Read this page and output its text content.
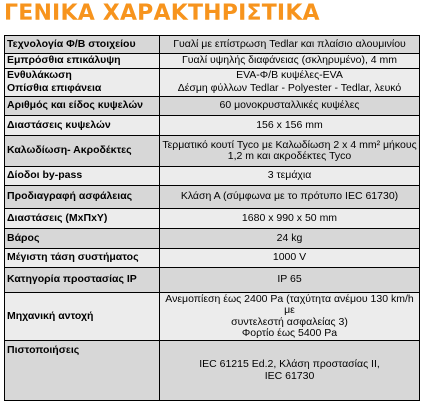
ΓΕΝΙΚΑ ΧΑΡΑΚΤΗΡΙΣΤΙΚΑ
Τεχνολογία Φ/Β στοιχείου	Γυαλί με επίστρωση Tedlar και πλαίσιο αλουμινίου
Εμπρόσθια επικάλυψη	Γυαλί υψηλής διαφάνειας (σκληρυμένο), 4 mm
Ενθυλάκωση	EVA-Φ/Β κυψέλες-EVA
Οπίσθια επιφάνεια	Δέσμη φύλλων Tedlar - Polyester - Tedlar, λευκό
Αριθμός και είδος κυψελών	60 μονοκρυσταλλικές κυψέλες
Διαστάσεις κυψελών	156 x 156 mm
Καλωδίωση- Ακροδέκτες	Τερματικό κουτί Tyco με Καλωδίωση 2 x 4 mm² μήκους
1,2 m και ακροδέκτες Tyco

Δίοδοι by-pass	3 τεμάχια
Προδιαγραφή ασφάλειας	Κλάση Α (σύμφωνα με το πρότυπο IEC 61730)
Διαστάσεις (ΜxΠxΥ)	1680 x 990 x 50 mm
Βάρος	24 kg
Μέγιστη τάση συστήματος	1000 V
Κατηγορία προστασίας IP	IP 65
Μηχανική αντοχή	Ανεμοπίεση έως 2400 Pa (ταχύτητα ανέμου 130 km/h με
συντελεστή ασφαλείας 3)
Φορτίο έως 5400 Pa

Πιστοποιήσεις	IEC 61215 Ed.2, Κλάση προστασίας II,
IEC 61730
